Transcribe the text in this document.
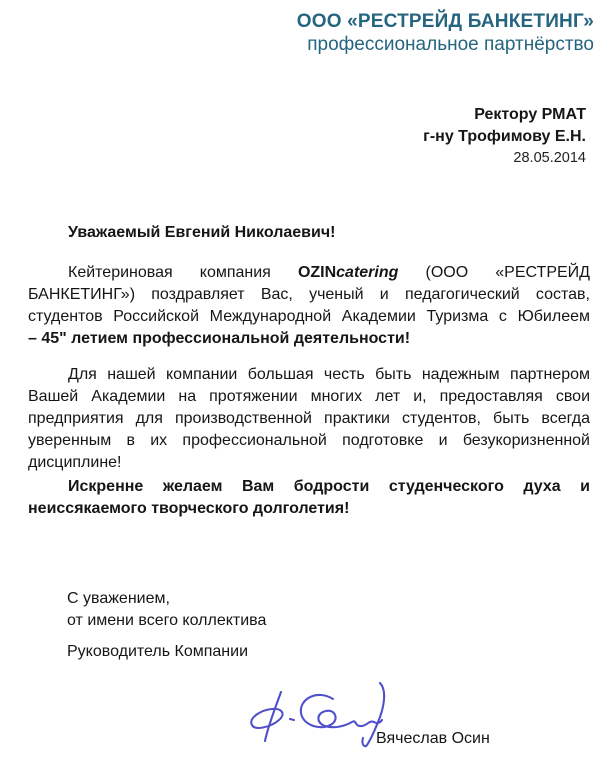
ООО «РЕСТРЕЙД БАНКЕТИНГ»
профессиональное партнёрство
Ректору РМАТ
г-ну Трофимову Е.Н.
28.05.2014
Уважаемый Евгений Николаевич!
Кейтериновая компания OZINcatering (ООО «РЕСТРЕЙД
БАНКЕТИНГ») поздравляет Вас, ученый и педагогический состав,
студентов Российской Международной Академии Туризма с Юбилеем
– 45" летием профессиональной деятельности!
Для нашей компании большая честь быть надежным партнером
Вашей Академии на протяжении многих лет и, предоставляя свои
предприятия для производственной практики студентов, быть всегда
уверенным в их профессиональной подготовке и безукоризненной
дисциплине!
Искренне желаем Вам бодрости студенческого духа и
неиссякаемого творческого долголетия!
С уважением,
от имени всего коллектива
Руководитель Компании
Вячеслав Осин
